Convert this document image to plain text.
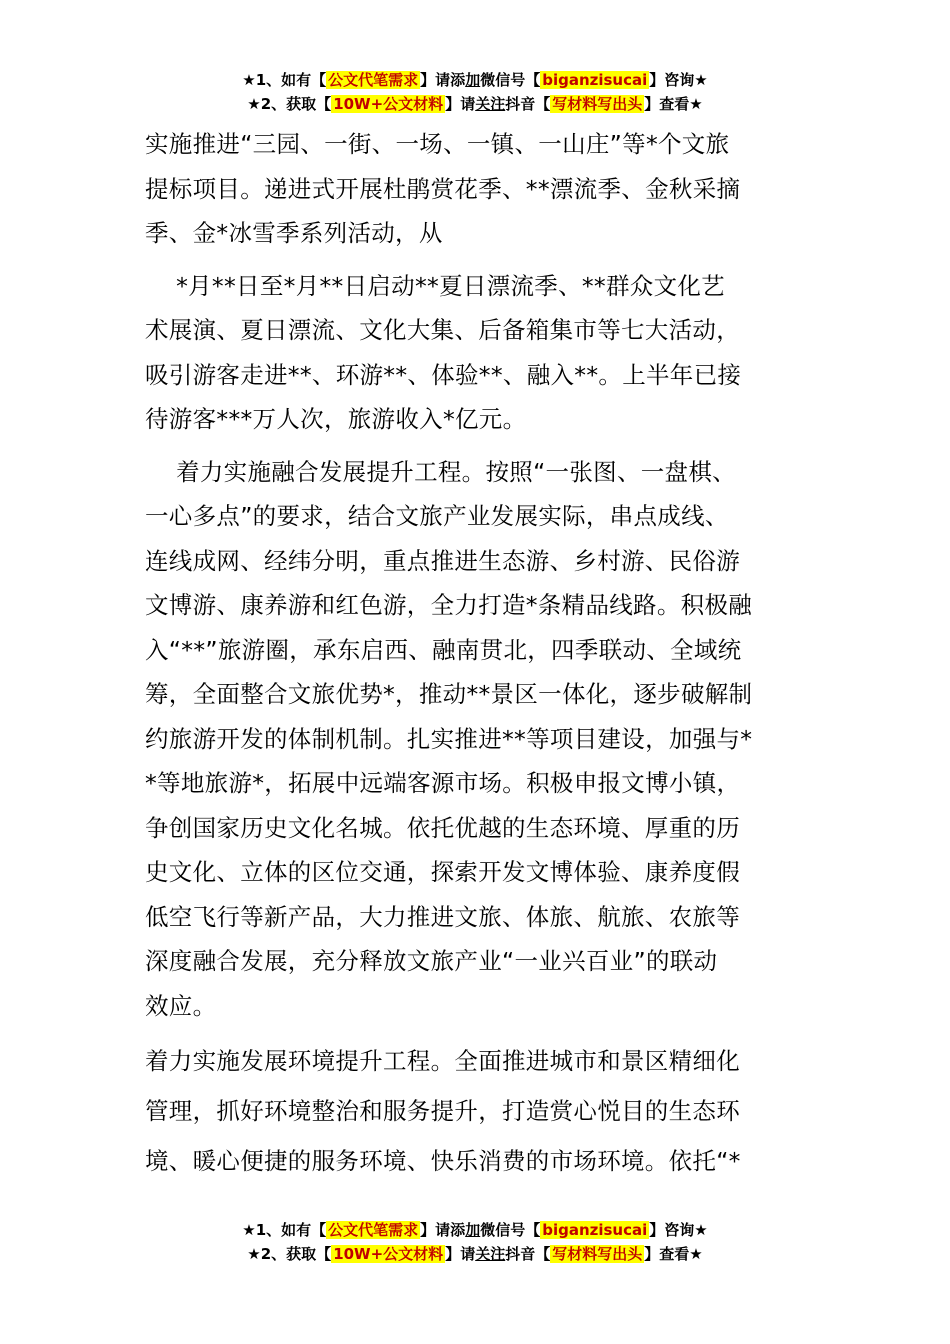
★1、如有【 公文代笔需求 】请添加微信号【 biganzisucai 】咨询★
★2、获取【 10W+公文材料 】请关注抖音【 写材料写出头 】查看★
实施推进“三园、一街、一场、一镇、一山庄”等*个文旅
提标项目。递进式开展杜鹃赏花季、**漂流季、金秋采摘
季、金*冰雪季系列活动，从
*月**日至*月**日启动**夏日漂流季、**群众文化艺
术展演、夏日漂流、文化大集、后备箱集市等七大活动，
吸引游客走进**、环游**、体验**、融入**。上半年已接
待游客***万人次，旅游收入*亿元。
着力实施融合发展提升工程。按照“一张图、一盘棋、
一心多点”的要求，结合文旅产业发展实际，串点成线、
连线成网、经纬分明，重点推进生态游、乡村游、民俗游
文博游、康养游和红色游，全力打造*条精品线路。积极融
入“**”旅游圈，承东启西、融南贯北，四季联动、全域统
筹，全面整合文旅优势*，推动**景区一体化，逐步破解制
约旅游开发的体制机制。扎实推进**等项目建设，加强与*
*等地旅游*，拓展中远端客源市场。积极申报文博小镇，
争创国家历史文化名城。依托优越的生态环境、厚重的历
史文化、立体的区位交通，探索开发文博体验、康养度假
低空飞行等新产品，大力推进文旅、体旅、航旅、农旅等
深度融合发展，充分释放文旅产业“一业兴百业”的联动
效应。
着力实施发展环境提升工程。全面推进城市和景区精细化
管理，抓好环境整治和服务提升，打造赏心悦目的生态环
境、暖心便捷的服务环境、快乐消费的市场环境。依托“*
★1、如有【 公文代笔需求 】请添加微信号【 biganzisucai 】咨询★
★2、获取【 10W+公文材料 】请关注抖音【 写材料写出头 】查看★
